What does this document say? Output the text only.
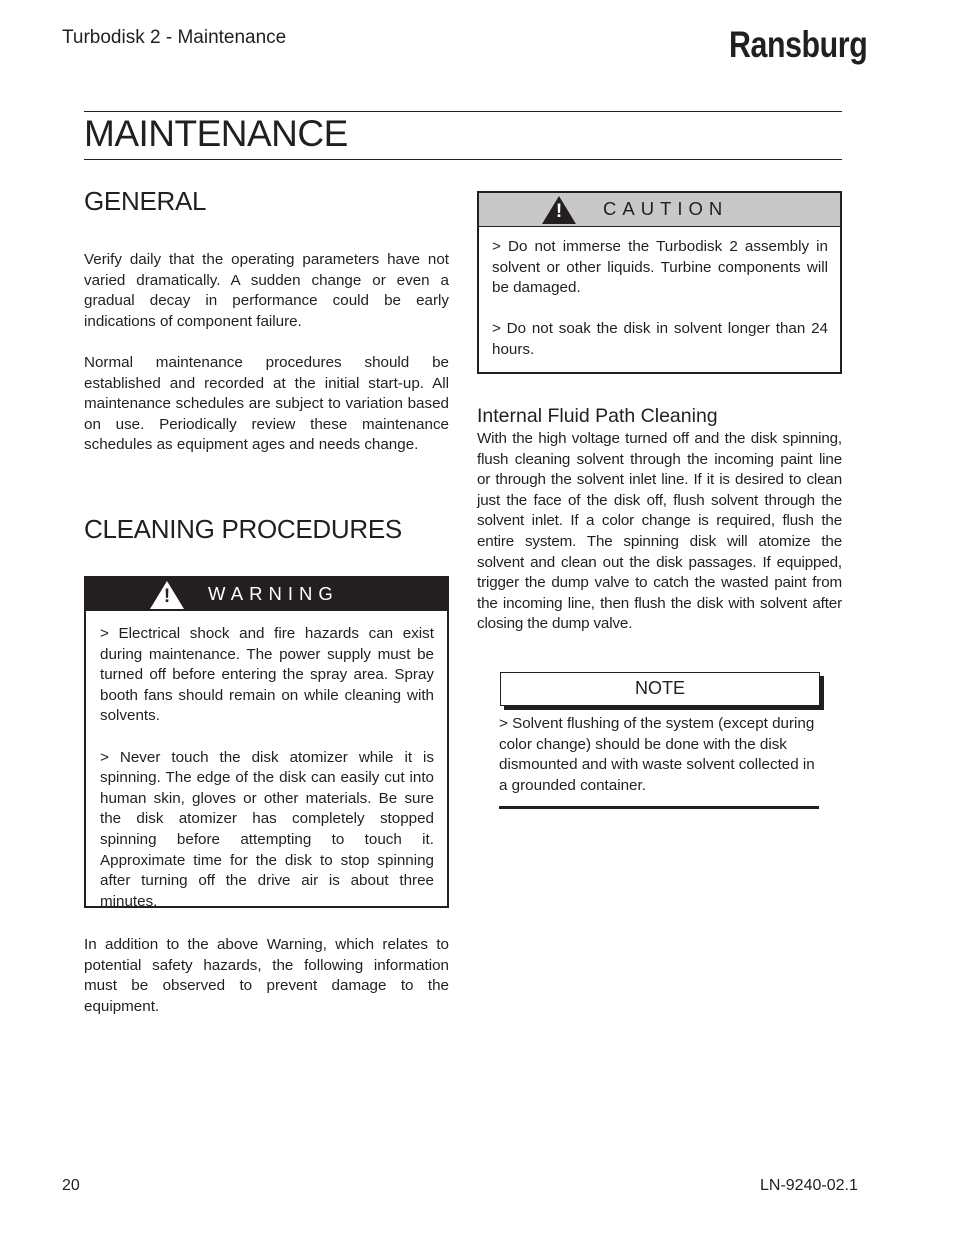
Turbodisk 2 - Maintenance	Ransburg
MAINTENANCE
GENERAL
Verify daily that the operating parameters have not varied dramatically. A sudden change or even a gradual decay in performance could be early indications of component failure.
Normal maintenance procedures should be established and recorded at the initial start-up. All maintenance schedules are subject to variation based on use. Periodically review these maintenance schedules as equipment ages and needs change.
CLEANING PROCEDURES
!	WARNING

> Electrical shock and fire hazards can exist during maintenance. The power supply must be turned off before entering the spray area. Spray booth fans should remain on while cleaning with solvents.

> Never touch the disk atomizer while it is spinning. The edge of the disk can easily cut into human skin, gloves or other materials. Be sure the disk atomizer has completely stopped spinning before attempting to touch it. Approximate time for the disk to stop spinning after turning off the drive air is about three minutes.

In addition to the above Warning, which relates to potential safety hazards, the following information must be observed to prevent damage to the equipment.
!	CAUTION

> Do not immerse the Turbodisk 2 assembly in solvent or other liquids. Turbine components will be damaged.

> Do not soak the disk in solvent longer than 24 hours.

Internal Fluid Path Cleaning
With the high voltage turned off and the disk spinning, flush cleaning solvent through the incoming paint line or through the solvent inlet line. If it is desired to clean just the face of the disk off, flush solvent through the solvent inlet. If a color change is required, flush the entire system. The spinning disk will atomize the solvent and clean out the disk passages. If equipped, trigger the dump valve to catch the wasted paint from the incoming line, then flush the disk with solvent after closing the dump valve.
NOTE
> Solvent flushing of the system (except during color change) should be done with the disk dismounted and with waste solvent collected in a grounded container.
20	LN-9240-02.1
